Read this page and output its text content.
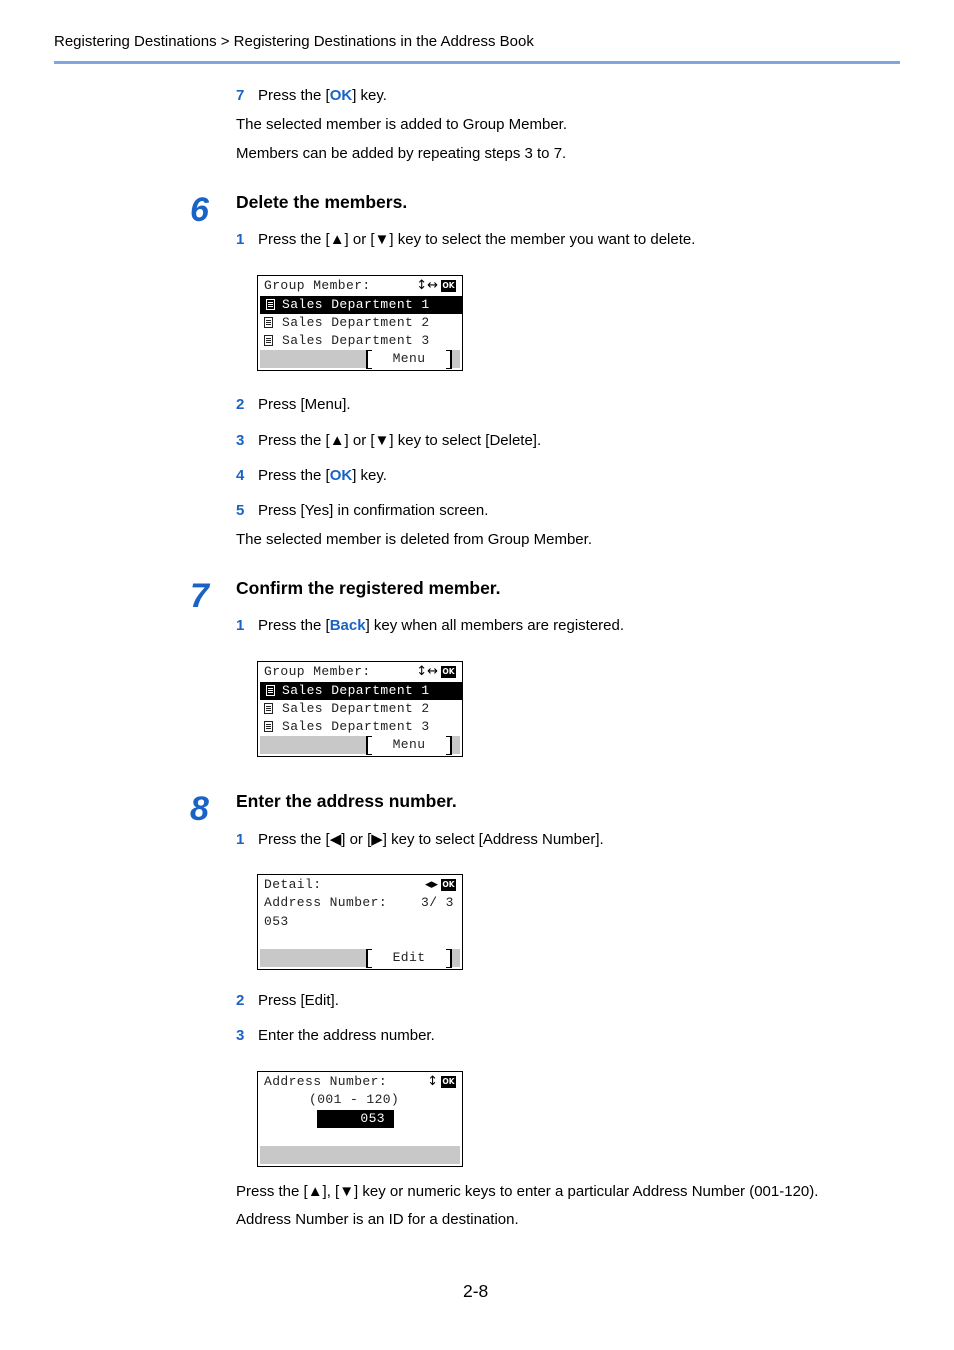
Registering Destinations > Registering Destinations in the Address Book
7 Press the [OK] key.
The selected member is added to Group Member.
Members can be added by repeating steps 3 to 7.
6 Delete the members.
1 Press the [▲] or [▼] key to select the member you want to delete.
Group Member:	↕↔ OK
Sales Department 1
Sales Department 2
Sales Department 3
Menu
2 Press [Menu].
3 Press the [▲] or [▼] key to select [Delete].
4 Press the [OK] key.
5 Press [Yes] in confirmation screen.
The selected member is deleted from Group Member.
7 Confirm the registered member.
1 Press the [Back] key when all members are registered.
Group Member:	↕↔ OK
Sales Department 1
Sales Department 2
Sales Department 3
Menu
8 Enter the address number.
1 Press the [◀] or [▶] key to select [Address Number].
Detail:	◂▸ OK
Address Number:	3/ 3
053
Edit
2 Press [Edit].
3 Enter the address number.
Address Number:	↕ OK
(001 - 120)
053
Press the [▲], [▼] key or numeric keys to enter a particular Address Number (001-120).
Address Number is an ID for a destination.
2-8
